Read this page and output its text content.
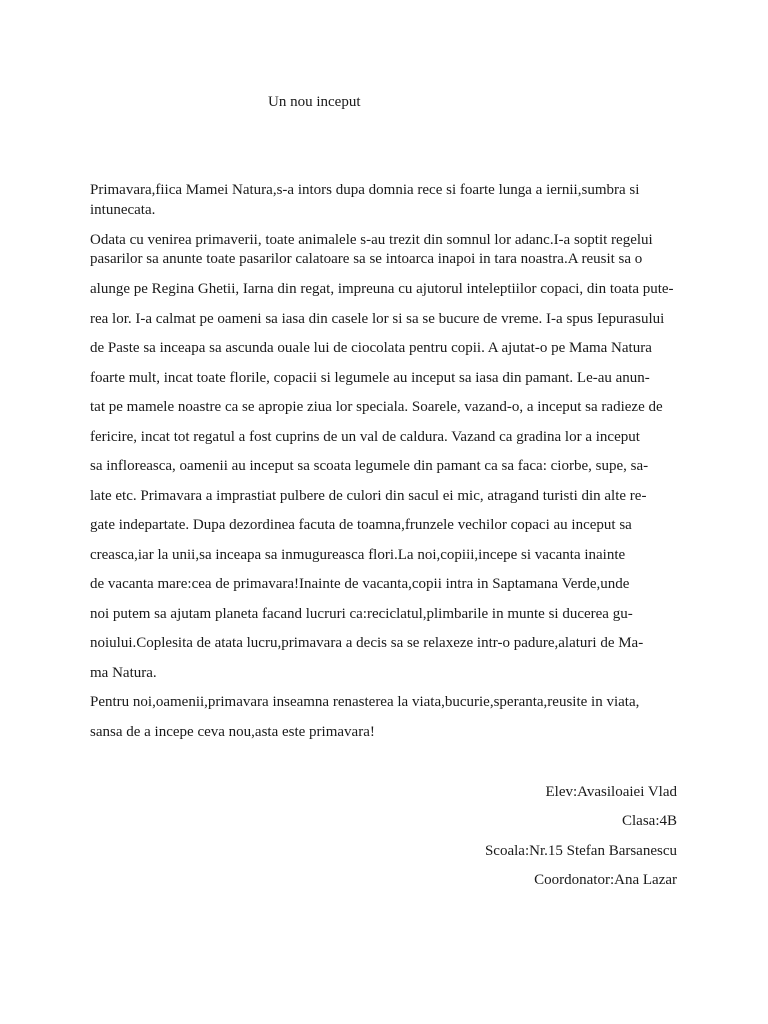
Un nou inceput
Primavara,fiica Mamei Natura,s-a intors dupa domnia rece si foarte lunga a iernii,sumbra si
intunecata.
Odata cu venirea primaverii, toate animalele s-au trezit din somnul lor adanc.I-a soptit regelui
pasarilor sa anunte toate pasarilor calatoare sa se intoarca inapoi in tara noastra.A reusit sa o
alunge pe Regina Ghetii, Iarna din regat, impreuna cu ajutorul inteleptiilor copaci, din toata pute-
rea lor. I-a calmat pe oameni sa iasa din casele lor si sa se bucure de vreme. I-a spus Iepurasului
de Paste sa inceapa sa ascunda ouale lui de ciocolata pentru copii. A ajutat-o pe Mama Natura
foarte mult, incat toate florile, copacii si legumele au inceput sa iasa din pamant. Le-au anun-
tat pe mamele noastre ca se apropie ziua lor speciala. Soarele, vazand-o, a inceput sa radieze de
fericire, incat tot regatul a fost cuprins de un val de caldura. Vazand ca gradina lor a inceput
sa infloreasca, oamenii au inceput sa scoata legumele din pamant ca sa faca: ciorbe, supe, sa-
late etc. Primavara a imprastiat pulbere de culori din sacul ei mic, atragand turisti din alte re-
gate indepartate. Dupa dezordinea facuta de toamna,frunzele vechilor copaci au inceput sa
creasca,iar la unii,sa inceapa sa inmugureasca flori.La noi,copiii,incepe si vacanta inainte
de vacanta mare:cea de primavara!Inainte de vacanta,copii intra in Saptamana Verde,unde
noi putem sa ajutam planeta facand lucruri ca:reciclatul,plimbarile in munte si ducerea gu-
noiului.Coplesita de atata lucru,primavara a decis sa se relaxeze intr-o padure,alaturi de Ma-
ma Natura.
Pentru noi,oamenii,primavara inseamna renasterea la viata,bucurie,speranta,reusite in viata,
sansa de a incepe ceva nou,asta este primavara!
Elev:Avasiloaiei Vlad
Clasa:4B
Scoala:Nr.15 Stefan Barsanescu
Coordonator:Ana Lazar
